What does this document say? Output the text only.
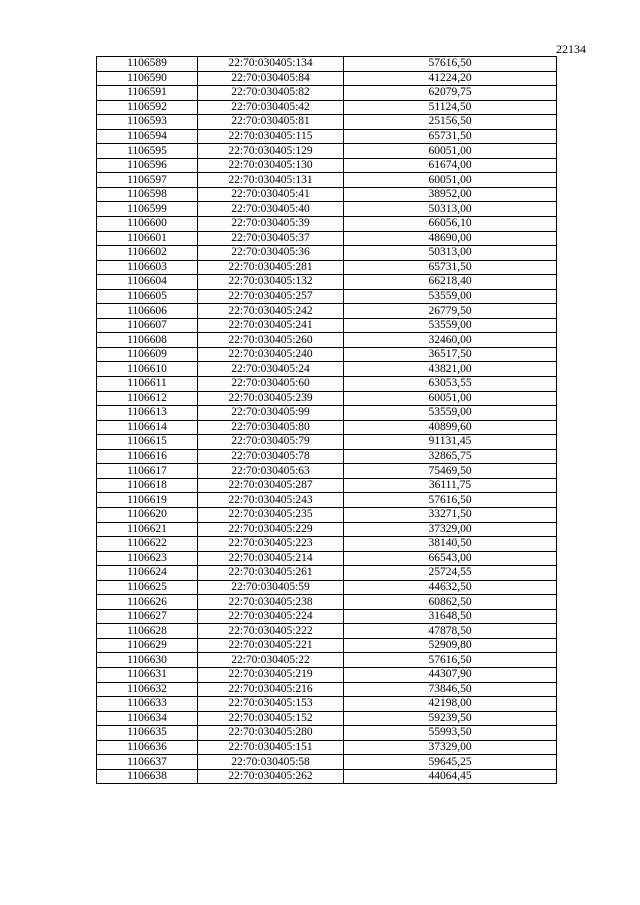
22134
1106589	22:70:030405:134	57616,50
1106590	22:70:030405:84	41224,20
1106591	22:70:030405:82	62079,75
1106592	22:70:030405:42	51124,50
1106593	22:70:030405:81	25156,50
1106594	22:70:030405:115	65731,50
1106595	22:70:030405:129	60051,00
1106596	22:70:030405:130	61674,00
1106597	22:70:030405:131	60051,00
1106598	22:70:030405:41	38952,00
1106599	22:70:030405:40	50313,00
1106600	22:70:030405:39	66056,10
1106601	22:70:030405:37	48690,00
1106602	22:70:030405:36	50313,00
1106603	22:70:030405:281	65731,50
1106604	22:70:030405:132	66218,40
1106605	22:70:030405:257	53559,00
1106606	22:70:030405:242	26779,50
1106607	22:70:030405:241	53559,00
1106608	22:70:030405:260	32460,00
1106609	22:70:030405:240	36517,50
1106610	22:70:030405:24	43821,00
1106611	22:70:030405:60	63053,55
1106612	22:70:030405:239	60051,00
1106613	22:70:030405:99	53559,00
1106614	22:70:030405:80	40899,60
1106615	22:70:030405:79	91131,45
1106616	22:70:030405:78	32865,75
1106617	22:70:030405:63	75469,50
1106618	22:70:030405:287	36111,75
1106619	22:70:030405:243	57616,50
1106620	22:70:030405:235	33271,50
1106621	22:70:030405:229	37329,00
1106622	22:70:030405:223	38140,50
1106623	22:70:030405:214	66543,00
1106624	22:70:030405:261	25724,55
1106625	22:70:030405:59	44632,50
1106626	22:70:030405:238	60862,50
1106627	22:70:030405:224	31648,50
1106628	22:70:030405:222	47878,50
1106629	22:70:030405:221	52909,80
1106630	22:70:030405:22	57616,50
1106631	22:70:030405:219	44307,90
1106632	22:70:030405:216	73846,50
1106633	22:70:030405:153	42198,00
1106634	22:70:030405:152	59239,50
1106635	22:70:030405:280	55993,50
1106636	22:70:030405:151	37329,00
1106637	22:70:030405:58	59645,25
1106638	22:70:030405:262	44064,45
